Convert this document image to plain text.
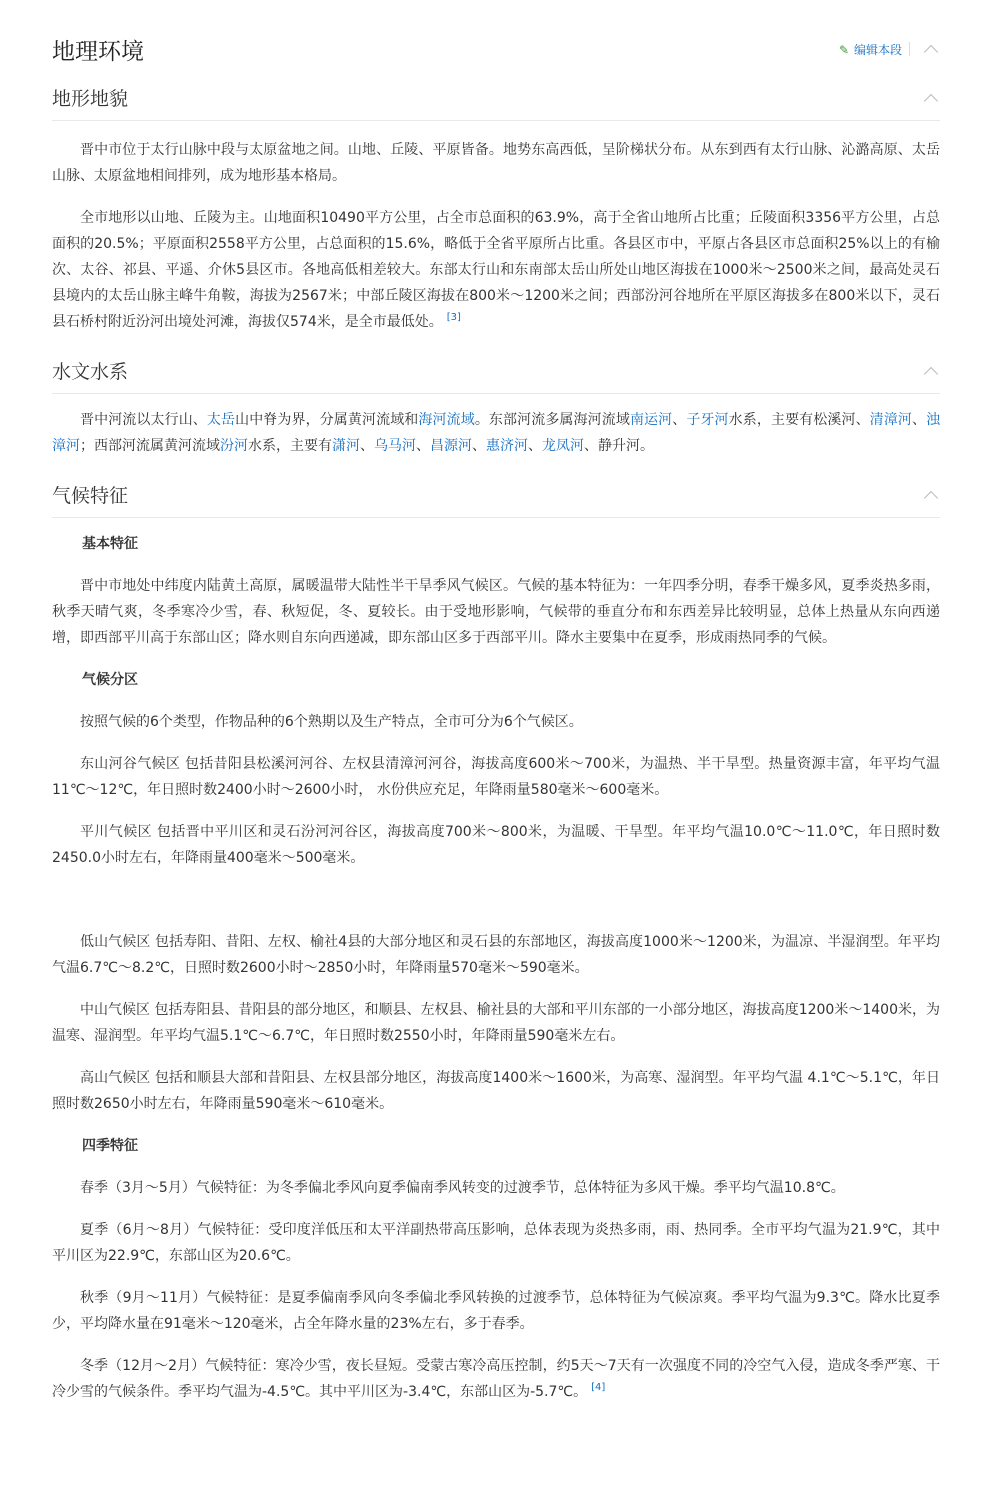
地理环境	✎ 编辑本段
地形地貌

晋中市位于太行山脉中段与太原盆地之间。山地、丘陵、平原皆备。地势东高西低，呈阶梯状分布。从东到西有太行山脉、沁潞高原、太岳山脉、太原盆地相间排列，成为地形基本格局。

全市地形以山地、丘陵为主。山地面积10490平方公里，占全市总面积的63.9%，高于全省山地所占比重；丘陵面积3356平方公里，占总面积的20.5%；平原面积2558平方公里，占总面积的15.6%，略低于全省平原所占比重。各县区市中，平原占各县区市总面积25%以上的有榆次、太谷、祁县、平遥、介休5县区市。各地高低相差较大。东部太行山和东南部太岳山所处山地区海拔在1000米～2500米之间，最高处灵石县境内的太岳山脉主峰牛角鞍，海拔为2567米；中部丘陵区海拔在800米～1200米之间；西部汾河谷地所在平原区海拔多在800米以下，灵石县石桥村附近汾河出境处河滩，海拔仅574米，是全市最低处。 [3]

水文水系

晋中河流以太行山、太岳山中脊为界，分属黄河流域和海河流域。东部河流多属海河流域南运河、子牙河水系，主要有松溪河、清漳河、浊漳河；西部河流属黄河流域汾河水系，主要有潇河、乌马河、昌源河、惠济河、龙凤河、静升河。

气候特征
基本特征

晋中市地处中纬度内陆黄土高原，属暖温带大陆性半干旱季风气候区。气候的基本特征为：一年四季分明，春季干燥多风，夏季炎热多雨，秋季天晴气爽，冬季寒冷少雪，春、秋短促，冬、夏较长。由于受地形影响，气候带的垂直分布和东西差异比较明显，总体上热量从东向西递增，即西部平川高于东部山区；降水则自东向西递减，即东部山区多于西部平川。降水主要集中在夏季，形成雨热同季的气候。

气候分区

按照气候的6个类型，作物品种的6个熟期以及生产特点，全市可分为6个气候区。

东山河谷气候区 包括昔阳县松溪河河谷、左权县清漳河河谷，海拔高度600米～700米，为温热、半干旱型。热量资源丰富，年平均气温11℃～12℃，年日照时数2400小时～2600小时， 水份供应充足，年降雨量580毫米～600毫米。

平川气候区 包括晋中平川区和灵石汾河河谷区，海拔高度700米～800米，为温暖、干旱型。年平均气温10.0℃～11.0℃，年日照时数2450.0小时左右，年降雨量400毫米～500毫米。

低山气候区 包括寿阳、昔阳、左权、榆社4县的大部分地区和灵石县的东部地区，海拔高度1000米～1200米，为温凉、半湿润型。年平均气温6.7℃～8.2℃，日照时数2600小时～2850小时，年降雨量570毫米～590毫米。

中山气候区 包括寿阳县、昔阳县的部分地区，和顺县、左权县、榆社县的大部和平川东部的一小部分地区，海拔高度1200米～1400米，为温寒、湿润型。年平均气温5.1℃～6.7℃，年日照时数2550小时，年降雨量590毫米左右。

高山气候区 包括和顺县大部和昔阳县、左权县部分地区，海拔高度1400米～1600米，为高寒、湿润型。年平均气温 4.1℃～5.1℃，年日照时数2650小时左右，年降雨量590毫米～610毫米。

四季特征

春季（3月～5月）气候特征：为冬季偏北季风向夏季偏南季风转变的过渡季节，总体特征为多风干燥。季平均气温10.8℃。

夏季（6月～8月）气候特征：受印度洋低压和太平洋副热带高压影响，总体表现为炎热多雨，雨、热同季。全市平均气温为21.9℃，其中平川区为22.9℃，东部山区为20.6℃。

秋季（9月～11月）气候特征：是夏季偏南季风向冬季偏北季风转换的过渡季节，总体特征为气候凉爽。季平均气温为9.3℃。降水比夏季少，平均降水量在91毫米～120毫米，占全年降水量的23%左右，多于春季。

冬季（12月～2月）气候特征：寒冷少雪，夜长昼短。受蒙古寒冷高压控制，约5天～7天有一次强度不同的冷空气入侵，造成冬季严寒、干冷少雪的气候条件。季平均气温为-4.5℃。其中平川区为-3.4℃，东部山区为-5.7℃。 [4]
